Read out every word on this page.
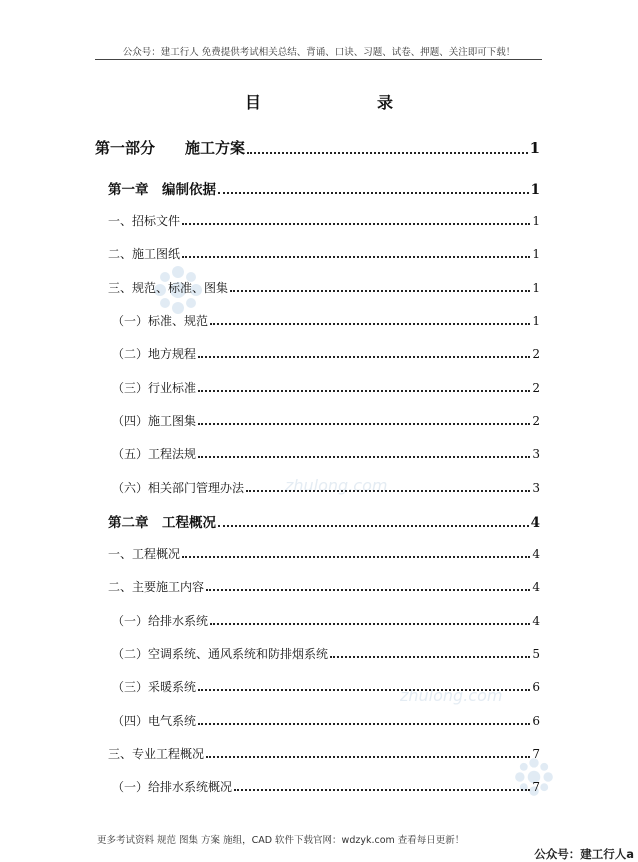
zhulong.com
zhulong.com
公众号：建工行人 免费提供考试相关总结、背诵、口诀、习题、试卷、押题、关注即可下载！
目　录
第一部分　　施工方案	1
第一章　编制依据	1
一、招标文件	1
二、施工图纸	1
三、规范、标准、图集	1
（一）标准、规范	1
（二）地方规程	2
（三）行业标准	2
（四）施工图集	2
（五）工程法规	3
（六）相关部门管理办法	3
第二章　工程概况	4
一、工程概况	4
二、主要施工内容	4
（一）给排水系统	4
（二）空调系统、通风系统和防排烟系统	5
（三）采暖系统	6
（四）电气系统	6
三、专业工程概况	7
（一）给排水系统概况	7
更多考试资料 规范 图集 方案 施组，CAD 软件下载官网：wdzyk.com 查看每日更新！
公众号：建工行人a
